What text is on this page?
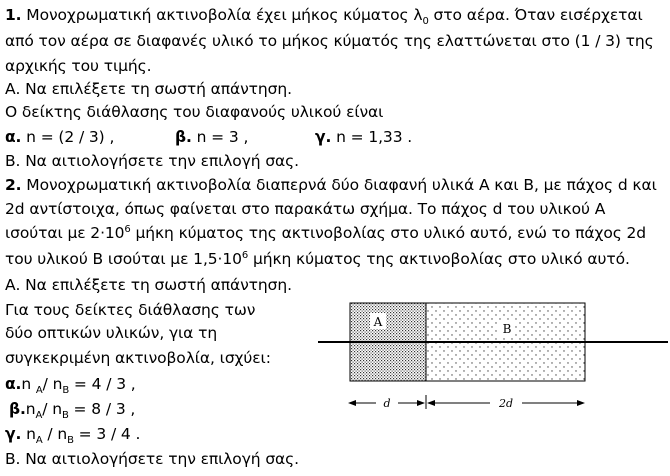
1. Μονοχρωματική ακτινοβολία έχει μήκος κύματος $\lambda_0$ στο αέρα. Όταν εισέρχεται
από τον αέρα σε διαφανές υλικό το μήκος κύματός της ελαττώνεται στο (1 / 3) της
αρχικής του τιμής.
Α. Να επιλέξετε τη σωστή απάντηση.
Ο δείκτης διάθλασης του διαφανούς υλικού είναι
α. n = (2 / 3) ,	β. n = 3 ,	γ. n = 1,33 .
Β. Να αιτιολογήσετε την επιλογή σας.
2. Μονοχρωματική ακτινοβολία διαπερνά δύο διαφανή υλικά Α και Β, με πάχος d και
2d αντίστοιχα, όπως φαίνεται στο παρακάτω σχήμα. Το πάχος d του υλικού Α
ισούται με $2\cdot 10^6$ μήκη κύματος της ακτινοβολίας στο υλικό αυτό, ενώ το πάχος 2d
του υλικού Β ισούται με $1,5\cdot 10^6$ μήκη κύματος της ακτινοβολίας στο υλικό αυτό.
Α. Να επιλέξετε τη σωστή απάντηση.
Για τους δείκτες διάθλασης των
δύο οπτικών υλικών, για τη
συγκεκριμένη ακτινοβολία, ισχύει:
α.n $_A$/ $n_B = 4 / 3$ ,
$\beta.n_A/$ $n_B = 8 / 3$ ,
γ. $n_A / n_B = 3 / 4$ .
Β. Να αιτιολογήσετε την επιλογή σας.
A	B
d	2d
